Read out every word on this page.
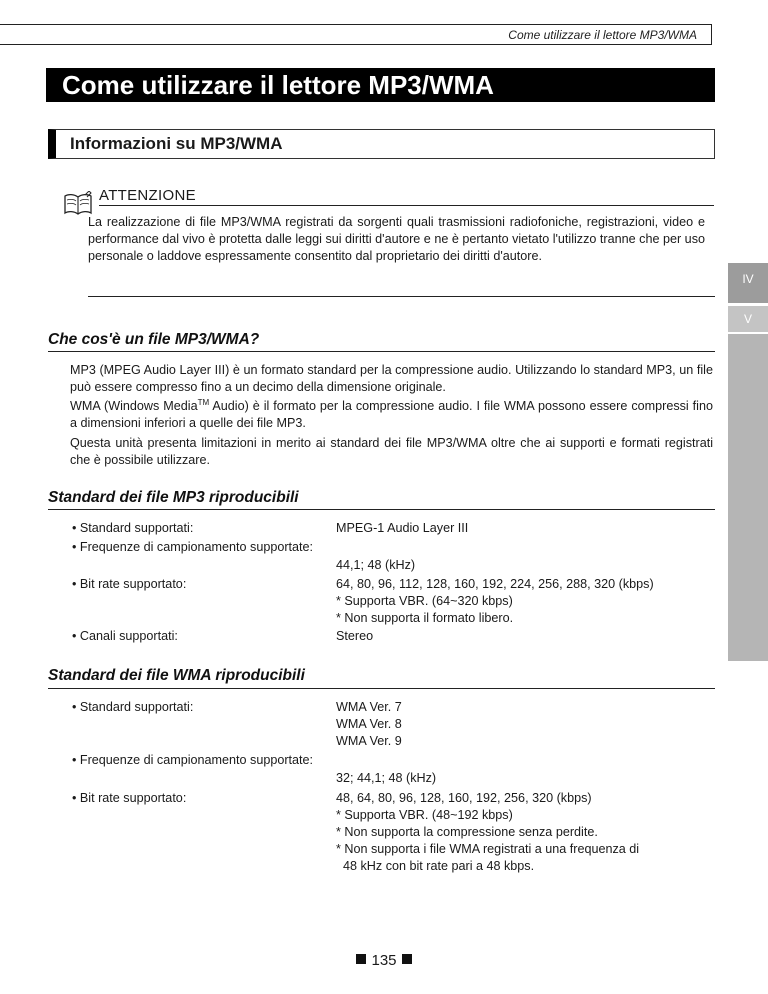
Come utilizzare il lettore MP3/WMA
Come utilizzare il lettore MP3/WMA
Informazioni su MP3/WMA
ATTENZIONE
La realizzazione di file MP3/WMA registrati da sorgenti quali trasmissioni radiofoniche, registrazioni, video e performance dal vivo è protetta dalle leggi sui diritti d'autore e ne è pertanto vietato l'utilizzo tranne che per uso personale o laddove espressamente consentito dal proprietario dei diritti d'autore.
IV
V
Che cos'è un file MP3/WMA?
MP3 (MPEG Audio Layer III) è un formato standard per la compressione audio. Utilizzando lo standard MP3, un file può essere compresso fino a un decimo della dimensione originale.
WMA (Windows Media™ Audio) è il formato per la compressione audio. I file WMA possono essere compressi fino a dimensioni inferiori a quelle dei file MP3.
Questa unità presenta limitazioni in merito ai standard dei file MP3/WMA oltre che ai supporti e formati registrati che è possibile utilizzare.
Standard dei file MP3 riproducibili
• Standard supportati:	MPEG-1 Audio Layer III
• Frequenze di campionamento supportate:
44,1; 48 (kHz)
• Bit rate supportato:	64, 80, 96, 112, 128, 160, 192, 224, 256, 288, 320 (kbps)
* Supporta VBR. (64~320 kbps)
* Non supporta il formato libero.
• Canali supportati:	Stereo
Standard dei file WMA riproducibili
• Standard supportati:	WMA Ver. 7
WMA Ver. 8
WMA Ver. 9
• Frequenze di campionamento supportate:
32; 44,1; 48 (kHz)
• Bit rate supportato:	48, 64, 80, 96, 128, 160, 192, 256, 320 (kbps)
* Supporta VBR. (48~192 kbps)
* Non supporta la compressione senza perdite.
* Non supporta i file WMA registrati a una frequenza di
48 kHz con bit rate pari a 48 kbps.
135
